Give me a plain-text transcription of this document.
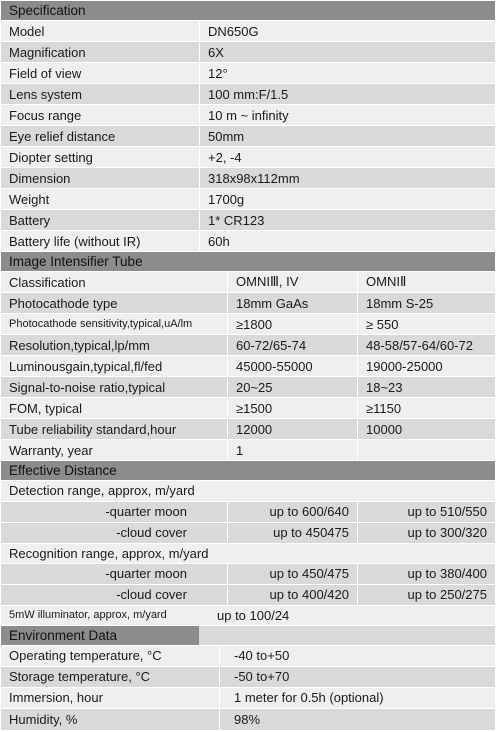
Specification
Model	DN650G
Magnification	6X
Field of view	12°
Lens system	100 mm:F/1.5
Focus range	10 m ~ infinity
Eye relief distance	50mm
Diopter setting	+2, -4
Dimension	318x98x112mm
Weight	1700g
Battery	1* CR123
Battery life (without IR)	60h
Image Intensifier Tube
Classification	OMNIⅢ, IV	OMNIⅡ
Photocathode type	18mm GaAs	18mm S-25
Photocathode sensitivity,typical,uA/lm	≥1800	≥ 550
Resolution,typical,lp/mm	60-72/65-74	48-58/57-64/60-72
Luminousgain,typical,fl/fed	45000-55000	19000-25000
Signal-to-noise ratio,typical	20~25	18~23
FOM, typical	≥1500	≥1150
Tube reliability standard,hour	12000	10000
Warranty, year	1
Effective Distance
Detection range, approx, m/yard
-quarter moon	up to 600/640	up to 510/550
-cloud cover	up to 450475	up to 300/320
Recognition range, approx, m/yard
-quarter moon	up to 450/475	up to 380/400
-cloud cover	up to 400/420	up to 250/275
5mW illuminator, approx, m/yard	up to 100/24
Environment Data
Operating temperature, °C	-40 to+50
Storage temperature, °C	-50 to+70
Immersion, hour	1 meter for 0.5h (optional)
Humidity, %	98%
